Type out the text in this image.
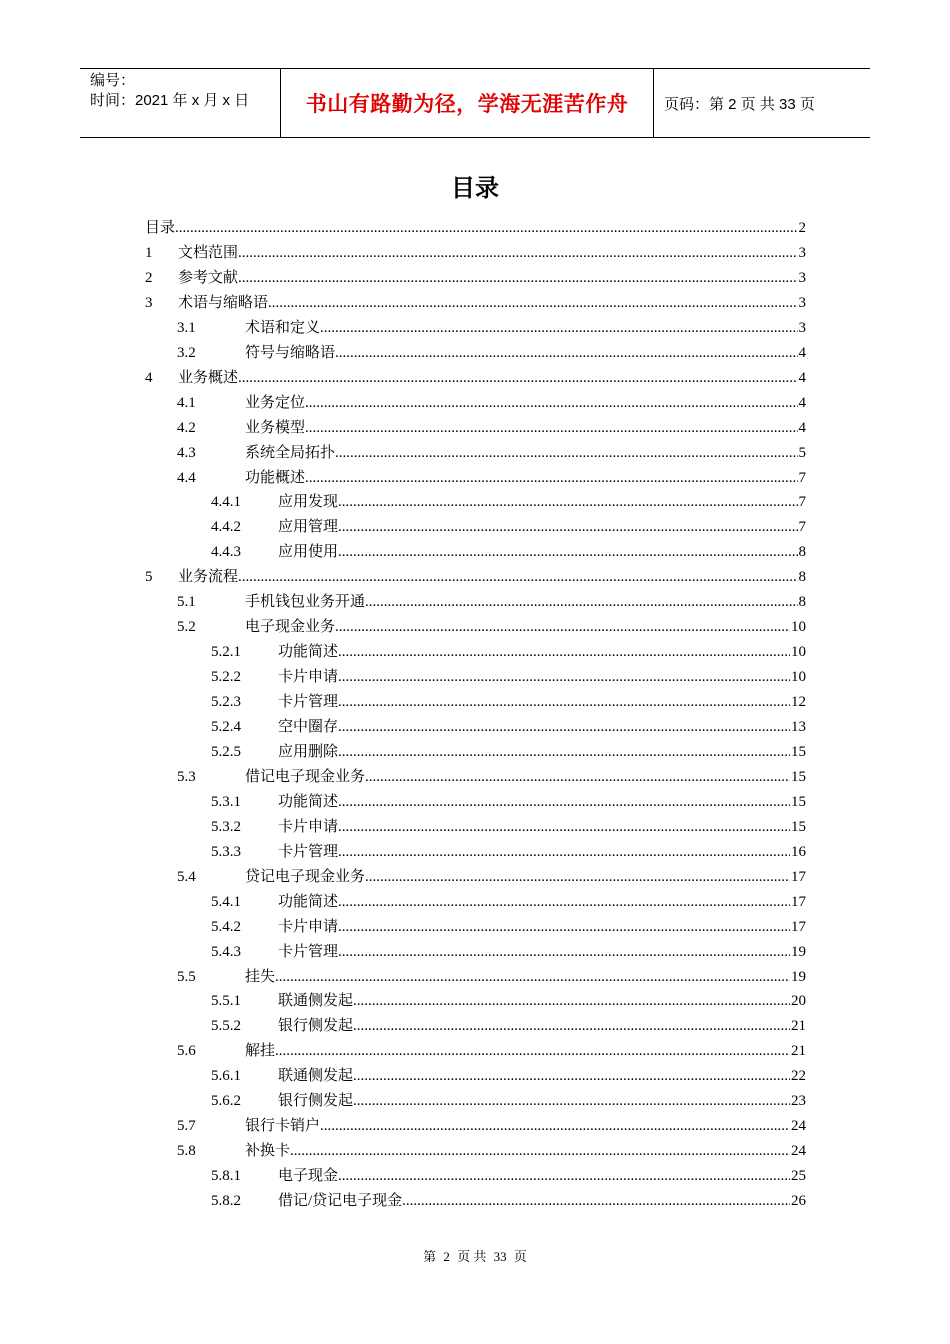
编号：
时间：2021 年 x 月 x 日	书山有路勤为径，学海无涯苦作舟 页码：第 2 页 共 33 页
目录
目录 .....	2
1	文档范围 .....	3
2	参考文献 .....	3
3	术语与缩略语 .....	3
3.1	术语和定义 .....	3
3.2	符号与缩略语 .....	4
4	业务概述 .....	4
4.1	业务定位 .....	4
4.2	业务模型 .....	4
4.3	系统全局拓扑 .....	5
4.4	功能概述 .....	7
4.4.1	应用发现 .....	7
4.4.2	应用管理 .....	7
4.4.3	应用使用 .....	8
5	业务流程 .....	8
5.1	手机钱包业务开通 .....	8
5.2	电子现金业务 .....	10
5.2.1	功能简述 .....	10
5.2.2	卡片申请 .....	10
5.2.3	卡片管理 .....	12
5.2.4	空中圈存 .....	13
5.2.5	应用删除 .....	15
5.3	借记电子现金业务 .....	15
5.3.1	功能简述 .....	15
5.3.2	卡片申请 .....	15
5.3.3	卡片管理 .....	16
5.4	贷记电子现金业务 .....	17
5.4.1	功能简述 .....	17
5.4.2	卡片申请 .....	17
5.4.3	卡片管理 .....	19
5.5	挂失 .....	19
5.5.1	联通侧发起 .....	20
5.5.2	银行侧发起 .....	21
5.6	解挂 .....	21
5.6.1	联通侧发起 .....	22
5.6.2	银行侧发起 .....	23
5.7	银行卡销户 .....	24
5.8	补换卡 .....	24
5.8.1	电子现金 .....	25
5.8.2	借记/贷记电子现金 .....	26
第 2 页 共 33 页
